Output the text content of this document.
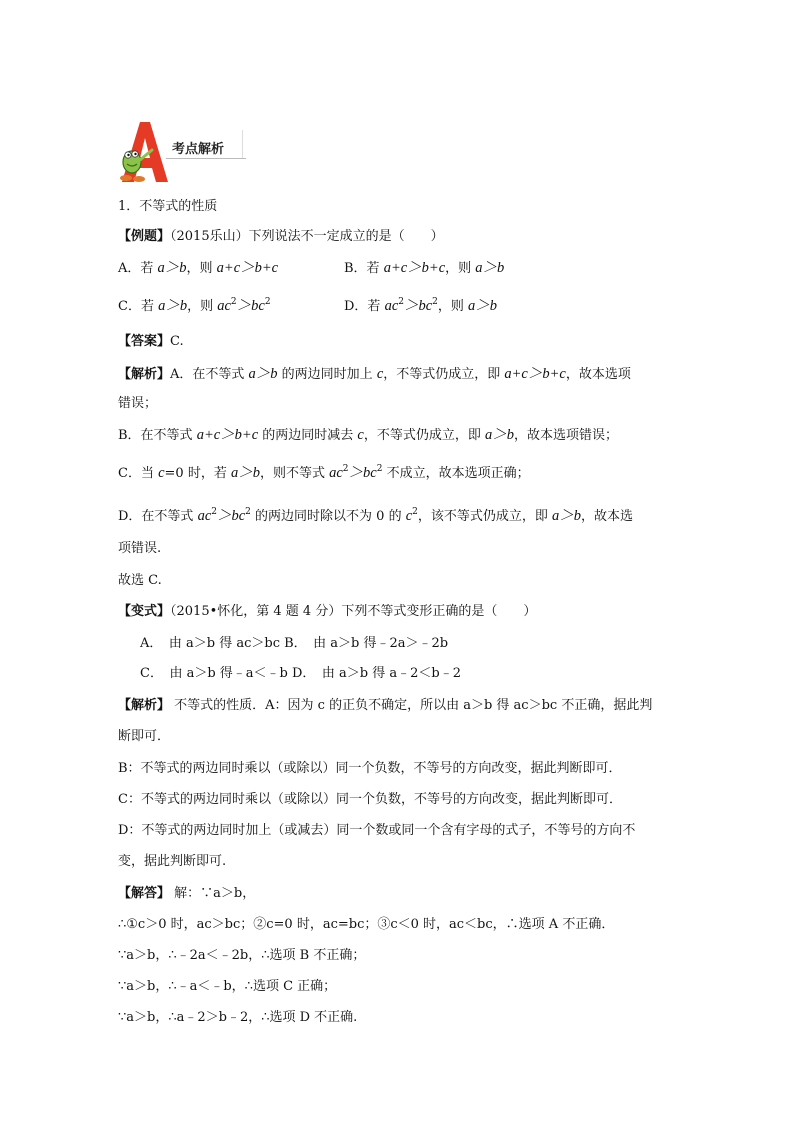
考点解析
1．不等式的性质
【例题】（2015乐山）下列说法不一定成立的是（　　）
A．若 a＞b，则 a+c＞b+c	B．若 a+c＞b+c，则 a＞b
C．若 a＞b，则 $ac^2>bc^2$	D．若 $ac^2>bc^2$，则 a＞b
【答案】C.
【解析】A．在不等式 a＞b 的两边同时加上 c，不等式仍成立，即 a+c＞b+c，故本选项
错误；
B．在不等式 a+c＞b+c 的两边同时减去 c，不等式仍成立，即 a＞b，故本选项错误；
C．当 c=0 时，若 a＞b，则不等式 $ac^2>bc^2$ 不成立，故本选项正确；
D．在不等式 $ac^2>bc^2$ 的两边同时除以不为 0 的 $c^2$，该不等式仍成立，即 a＞b，故本选
项错误.
故选 C.
【变式】（2015•怀化，第 4 题 4 分）下列不等式变形正确的是（　　）
A．　由 a＞b 得 ac＞bc B．　由 a＞b 得﹣2a＞﹣2b
C．　由 a＞b 得﹣a＜﹣b D．　由 a＞b 得 a﹣2＜b﹣2
【解析】 不等式的性质．A：因为 c 的正负不确定，所以由 a＞b 得 ac＞bc 不正确，据此判
断即可．
B：不等式的两边同时乘以（或除以）同一个负数，不等号的方向改变，据此判断即可．
C：不等式的两边同时乘以（或除以）同一个负数，不等号的方向改变，据此判断即可．
D：不等式的两边同时加上（或减去）同一个数或同一个含有字母的式子，不等号的方向不
变，据此判断即可.
【解答】 解：∵a＞b，
∴①c＞0 时，ac＞bc；②c=0 时，ac=bc；③c＜0 时，ac＜bc，∴选项 A 不正确．
∵a＞b，∴﹣2a＜﹣2b，∴选项 B 不正确；
∵a＞b，∴﹣a＜﹣b，∴选项 C 正确；
∵a＞b，∴a﹣2＞b﹣2，∴选项 D 不正确.
